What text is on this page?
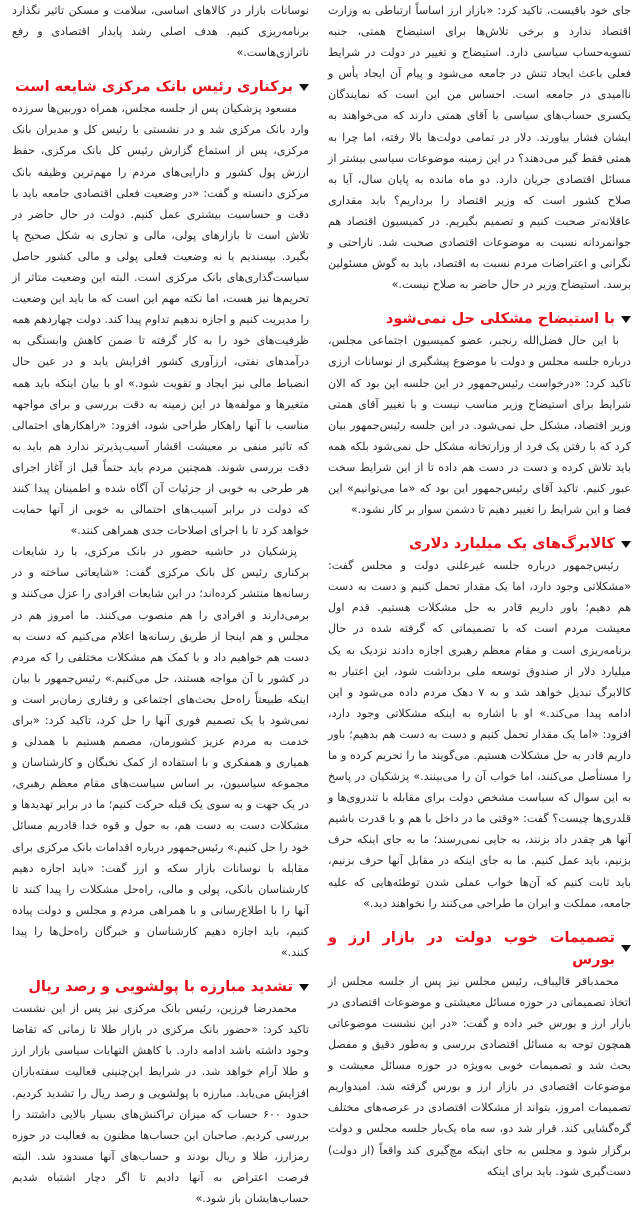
جای خود باقیست، تاکید کرد: «بازار ارز اساساً ارتباطی به وزارت اقتصاد ندارد و برخی تلاش‌ها برای استیضاح همتی، جنبه تسویه‌حساب سیاسی دارد. استیضاح و تغییر در دولت در شرایط فعلی باعث ایجاد تنش در جامعه می‌شود و پیام آن ایجاد یأس و ناامیدی در جامعه است. احساس من این است که نمایندگان یکسری حساب‌های سیاسی با آقای همتی دارند که می‌خواهند به ایشان فشار بیاورند. دلار در تمامی دولت‌ها بالا رفته، اما چرا به همتی فقط گیر می‌دهند؟ در این زمینه موضوعات سیاسی بیشتر از مسائل اقتصادی جریان دارد. دو ماه مانده به پایان سال، آیا به صلاح کشور است که وزیر اقتصاد را برداریم؟ باید مقداری عاقلانه‌تر صحبت کنیم و تصمیم بگیریم. در کمیسیون اقتصاد هم جوانمردانه نسبت به موضوعات اقتصادی صحبت شد. ناراحتی و نگرانی و اعتراضات مردم نسبت به اقتصاد، باید به گوش مسئولین برسد. استیضاح وزیر در حال حاضر به صلاح نیست.»

با استیضاح مشکلی حل نمی‌شود

با این حال فضل‌الله رنجبر، عضو کمیسیون اجتماعی مجلس، درباره جلسه مجلس و دولت با موضوع پیشگیری از نوسانات ارزی تاکید کرد: «درخواست رئیس‌جمهور در این جلسه این بود که الان شرایط برای استیضاح وزیر مناسب نیست و با تغییر آقای همتی وزیر اقتصاد، مشکل حل نمی‌شود. در این جلسه رئیس‌جمهور بیان کرد که با رفتن یک فرد از وزارتخانه مشکل حل نمی‌شود بلکه همه باید تلاش کرده و دست در دست هم داده تا از این شرایط سخت عبور کنیم. تاکید آقای رئیس‌جمهور این بود که «ما می‌توانیم» این فضا و این شرایط را تغییر دهیم تا دشمن سوار بر کار نشود.»

کالابرگ‌های یک میلیارد دلاری

رئیس‌جمهور درباره جلسه غیرعلنی دولت و مجلس گفت: «مشکلاتی وجود دارد، اما یک مقدار تحمل کنیم و دست به دست هم دهیم؛ باور داریم قادر به حل مشکلات هستیم. قدم اول معیشت مردم است که با تصمیماتی که گرفته شده در حال برنامه‌ریزی است و مقام معظم رهبری اجازه دادند نزدیک به یک میلیارد دلار از صندوق توسعه ملی برداشت شود، این اعتبار به کالابرگ تبدیل خواهد شد و به ۷ دهک مردم داده می‌شود و این ادامه پیدا می‌کند.» او با اشاره به اینکه مشکلاتی وجود دارد، افزود: «اما یک مقدار تحمل کنیم و دست به دست هم بدهیم؛ باور داریم قادر به حل مشکلات هستیم. می‌گویند ما را تحریم کرده و ما را مستأصل می‌کنند، اما خواب آن را می‌بینند.» پزشکیان در پاسخ به این سوال که سیاست مشخص دولت برای مقابله با تندروی‌ها و قلدری‌ها چیست؟ گفت: «وقتی ما در داخل با هم و با قدرت باشیم آنها هر چقدر داد بزنند، به جایی نمی‌رسند؛ ما به جای اینکه حرف بزنیم، باید عمل کنیم. ما به جای اینکه در مقابل آنها حرف بزنیم، باید ثابت کنیم که آن‌ها خواب عملی شدن توطئه‌هایی که علیه جامعه، مملکت و ایران ما طراحی می‌کنند را نخواهند دید.»

تصمیمات خوب دولت در بازار ارز و بورس

محمدباقر قالیباف، رئیس مجلس نیز پس از جلسه مجلس از اتخاذ تصمیماتی در حوزه مسائل معیشتی و موضوعات اقتصادی در بازار ارز و بورس خبر داده و گفت: «در این نشست موضوعاتی همچون توجه به مسائل اقتصادی بررسی و به‌طور دقیق و مفصل بحث شد و تصمیمات خوبی به‌ویژه در حوزه مسائل معیشت و موضوعات اقتصادی در بازار ارز و بورس گرفته شد. امیدواریم تصمیمات امروز، بتواند از مشکلات اقتصادی در عرصه‌های مختلف گره‌گشایی کند. قرار شد دو، سه ماه یک‌بار جلسه مجلس و دولت برگزار شود و مجلس به جای اینکه مچ‌گیری کند واقعاً (از دولت) دست‌گیری شود. باید برای اینکه

نوسانات بازار در کالاهای اساسی، سلامت و مسکن تاثیر نگذارد برنامه‌ریزی کنیم. هدف اصلی رشد پایدار اقتصادی و رفع ناترازی‌هاست.»

برکناری رئیس بانک مرکزی شایعه است

مسعود پزشکیان پس از جلسه مجلس، همراه دوربین‌ها سرزده وارد بانک مرکزی شد و در نشستی با رئیس کل و مدیران بانک مرکزی، پس از استماع گزارش رئیس کل بانک مرکزی، حفظ ارزش پول کشور و دارایی‌های مردم را مهم‌ترین وظیفه بانک مرکزی دانسته و گفت: «در وضعیت فعلی اقتصادی جامعه باید با دقت و حساسیت بیشتری عمل کنیم. دولت در حال حاضر در تلاش است تا بازارهای پولی، مالی و تجاری به شکل صحیح پا بگیرد. بپسندیم یا نه وضعیت فعلی پولی و مالی کشور حاصل سیاست‌گذاری‌های بانک مرکزی است. البته این وضعیت متاثر از تحریم‌ها نیز هست، اما نکته مهم این است که ما باید این وضعیت را مدیریت کنیم و اجازه ندهیم تداوم پیدا کند. دولت چهاردهم همه ظرفیت‌های خود را به کار گرفته تا ضمن کاهش وابستگی به درآمدهای نفتی، ارزآوری کشور افزایش یابد و در عین حال انضباط مالی نیز ایجاد و تقویت شود.» او با بیان اینکه باید همه متغیرها و مولفه‌ها در این زمینه به دقت بررسی و برای مواجهه مناسب با آنها راهکار طراحی شود، افزود: «راهکارهای احتمالی که تاثیر منفی بر معیشت اقشار آسیب‌پذیرتر ندارد هم باید به دقت بررسی شوند. همچنین مردم باید حتماً قبل از آغاز اجرای هر طرحی به خوبی از جزئیات آن آگاه شده و اطمینان پیدا کنند که دولت در برابر آسیب‌های احتمالی به خوبی از آنها حمایت خواهد کرد تا با اجرای اصلاحات جدی همراهی کنند.»

پزشکیان در حاشیه حضور در بانک مرکزی، با رد شایعات برکناری رئیس کل بانک مرکزی گفت: «شایعاتی ساخته و در رسانه‌ها منتشر کرده‌اند؛ در این شایعات افرادی را عزل می‌کنند و برمی‌دارند و افرادی را هم منصوب می‌کنند. ما امروز هم در مجلس و هم اینجا از طریق رسانه‌ها اعلام می‌کنیم که دست به دست هم خواهیم داد و با کمک هم مشکلات مختلفی را که مردم در کشور با آن مواجه هستند، حل می‌کنیم.» رئیس‌جمهور با بیان اینکه طبیعتاً راه‌حل بحث‌های اجتماعی و رفتاری زمان‌بر است و نمی‌شود با یک تصمیم فوری آنها را حل کرد، تاکید کرد: «برای خدمت به مردم عزیز کشورمان، مصمم هستیم با همدلی و همیاری و همفکری و با استفاده از کمک نخبگان و کارشناسان و مجموعه سیاسیون، بر اساس سیاست‌های مقام معظم رهبری، در یک جهت و به سوی یک قبله حرکت کنیم؛ ما در برابر تهدیدها و مشکلات دست به دست هم، به حول و قوه خدا قادریم مسائل خود را حل کنیم.» رئیس‌جمهور درباره اقدامات بانک مرکزی برای مقابله با نوسانات بازار سکه و ارز گفت: «باید اجازه دهیم کارشناسان بانکی، پولی و مالی، راه‌حل مشکلات را پیدا کنند تا آنها را با اطلاع‌رسانی و با همراهی مردم و مجلس و دولت پیاده کنیم، باید اجازه دهیم کارشناسان و خبرگان راه‌حل‌ها را پیدا کنند.»

تشدید مبارزه با پولشویی و رصد ریال

محمدرضا فرزین، رئیس بانک مرکزی نیز پس از این نشست تاکید کرد: «حضور بانک مرکزی در بازار طلا تا زمانی که تقاضا وجود داشته باشد ادامه دارد. با کاهش التهابات سیاسی بازار ارز و طلا آرام خواهد شد. در شرایط این‌چنینی فعالیت سفته‌بازان افزایش می‌یابد. مبارزه با پولشویی و رصد ریال را تشدید کردیم. حدود ۶۰۰ حساب که میزان تراکنش‌های بسیار بالایی داشتند را بررسی کردیم. صاحبان این حساب‌ها مظنون به فعالیت در حوزه رمزارز، طلا و ریال بودند و حساب‌های آنها مسدود شد. البته فرصت اعتراض به آنها دادیم تا اگر دچار اشتباه شدیم حساب‌هایشان باز شود.»
